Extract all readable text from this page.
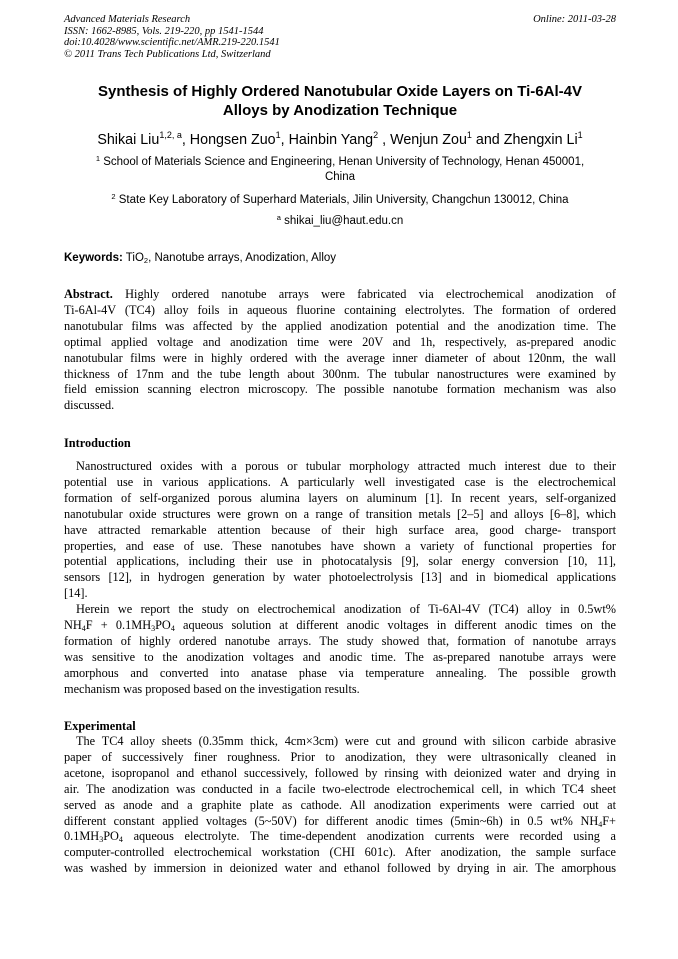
Advanced Materials Research
ISSN: 1662-8985, Vols. 219-220, pp 1541-1544
doi:10.4028/www.scientific.net/AMR.219-220.1541
© 2011 Trans Tech Publications Ltd, Switzerland
Online: 2011-03-28
Synthesis of Highly Ordered Nanotubular Oxide Layers on Ti-6Al-4V
Alloys by Anodization Technique
Shikai Liu$^{1,2, a}$, Hongsen Zuo$^1$, Hainbin Yang$^2$ , Wenjun Zou$^1$ and Zhengxin Li$^1$
$^1$ School of Materials Science and Engineering, Henan University of Technology, Henan 450001,
China
$^2$ State Key Laboratory of Superhard Materials, Jilin University, Changchun 130012, China
$^a$ shikai_liu@haut.edu.cn
Keywords: TiO$_2$, Nanotube arrays, Anodization, Alloy
Abstract. Highly ordered nanotube arrays were fabricated via electrochemical anodization of
Ti-6Al-4V (TC4) alloy foils in aqueous fluorine containing electrolytes. The formation of ordered
nanotubular films was affected by the applied anodization potential and the anodization time. The
optimal applied voltage and anodization time were 20V and 1h, respectively, as-prepared anodic
nanotubular films were in highly ordered with the average inner diameter of about 120nm, the wall
thickness of 17nm and the tube length about 300nm. The tubular nanostructures were examined by
field emission scanning electron microscopy. The possible nanotube formation mechanism was also
discussed.
Introduction
Nanostructured oxides with a porous or tubular morphology attracted much interest due to their
potential use in various applications. A particularly well investigated case is the electrochemical
formation of self-organized porous alumina layers on aluminum [1]. In recent years, self-organized
nanotubular oxide structures were grown on a range of transition metals [2–5] and alloys [6–8], which
have attracted remarkable attention because of their high surface area, good charge- transport
properties, and ease of use. These nanotubes have shown a variety of functional properties for
potential applications, including their use in photocatalysis [9], solar energy conversion [10, 11],
sensors [12], in hydrogen generation by water photoelectrolysis [13] and in biomedical applications
[14].
Herein we report the study on electrochemical anodization of Ti-6Al-4V (TC4) alloy in 0.5wt%
$NH_4F + 0.1MH_3PO_4$ aqueous solution at different anodic voltages in different anodic times on the
formation of highly ordered nanotube arrays. The study showed that, formation of nanotube arrays
was sensitive to the anodization voltages and anodic time. The as-prepared nanotube arrays were
amorphous and converted into anatase phase via temperature annealing. The possible growth
mechanism was proposed based on the investigation results.
Experimental
The TC4 alloy sheets (0.35mm thick, 4cm×3cm) were cut and ground with silicon carbide abrasive
paper of successively finer roughness. Prior to anodization, they were ultrasonically cleaned in
acetone, isopropanol and ethanol successively, followed by rinsing with deionized water and drying in
air. The anodization was conducted in a facile two-electrode electrochemical cell, in which TC4 sheet
served as anode and a graphite plate as cathode. All anodization experiments were carried out at
different constant applied voltages (5~50V) for different anodic times (5min~6h) in 0.5 wt% $NH_4F+$
$0.1MH_3PO_4$ aqueous electrolyte. The time-dependent anodization currents were recorded using a
computer-controlled electrochemical workstation (CHI 601c). After anodization, the sample surface
was washed by immersion in deionized water and ethanol followed by drying in air. The amorphous
